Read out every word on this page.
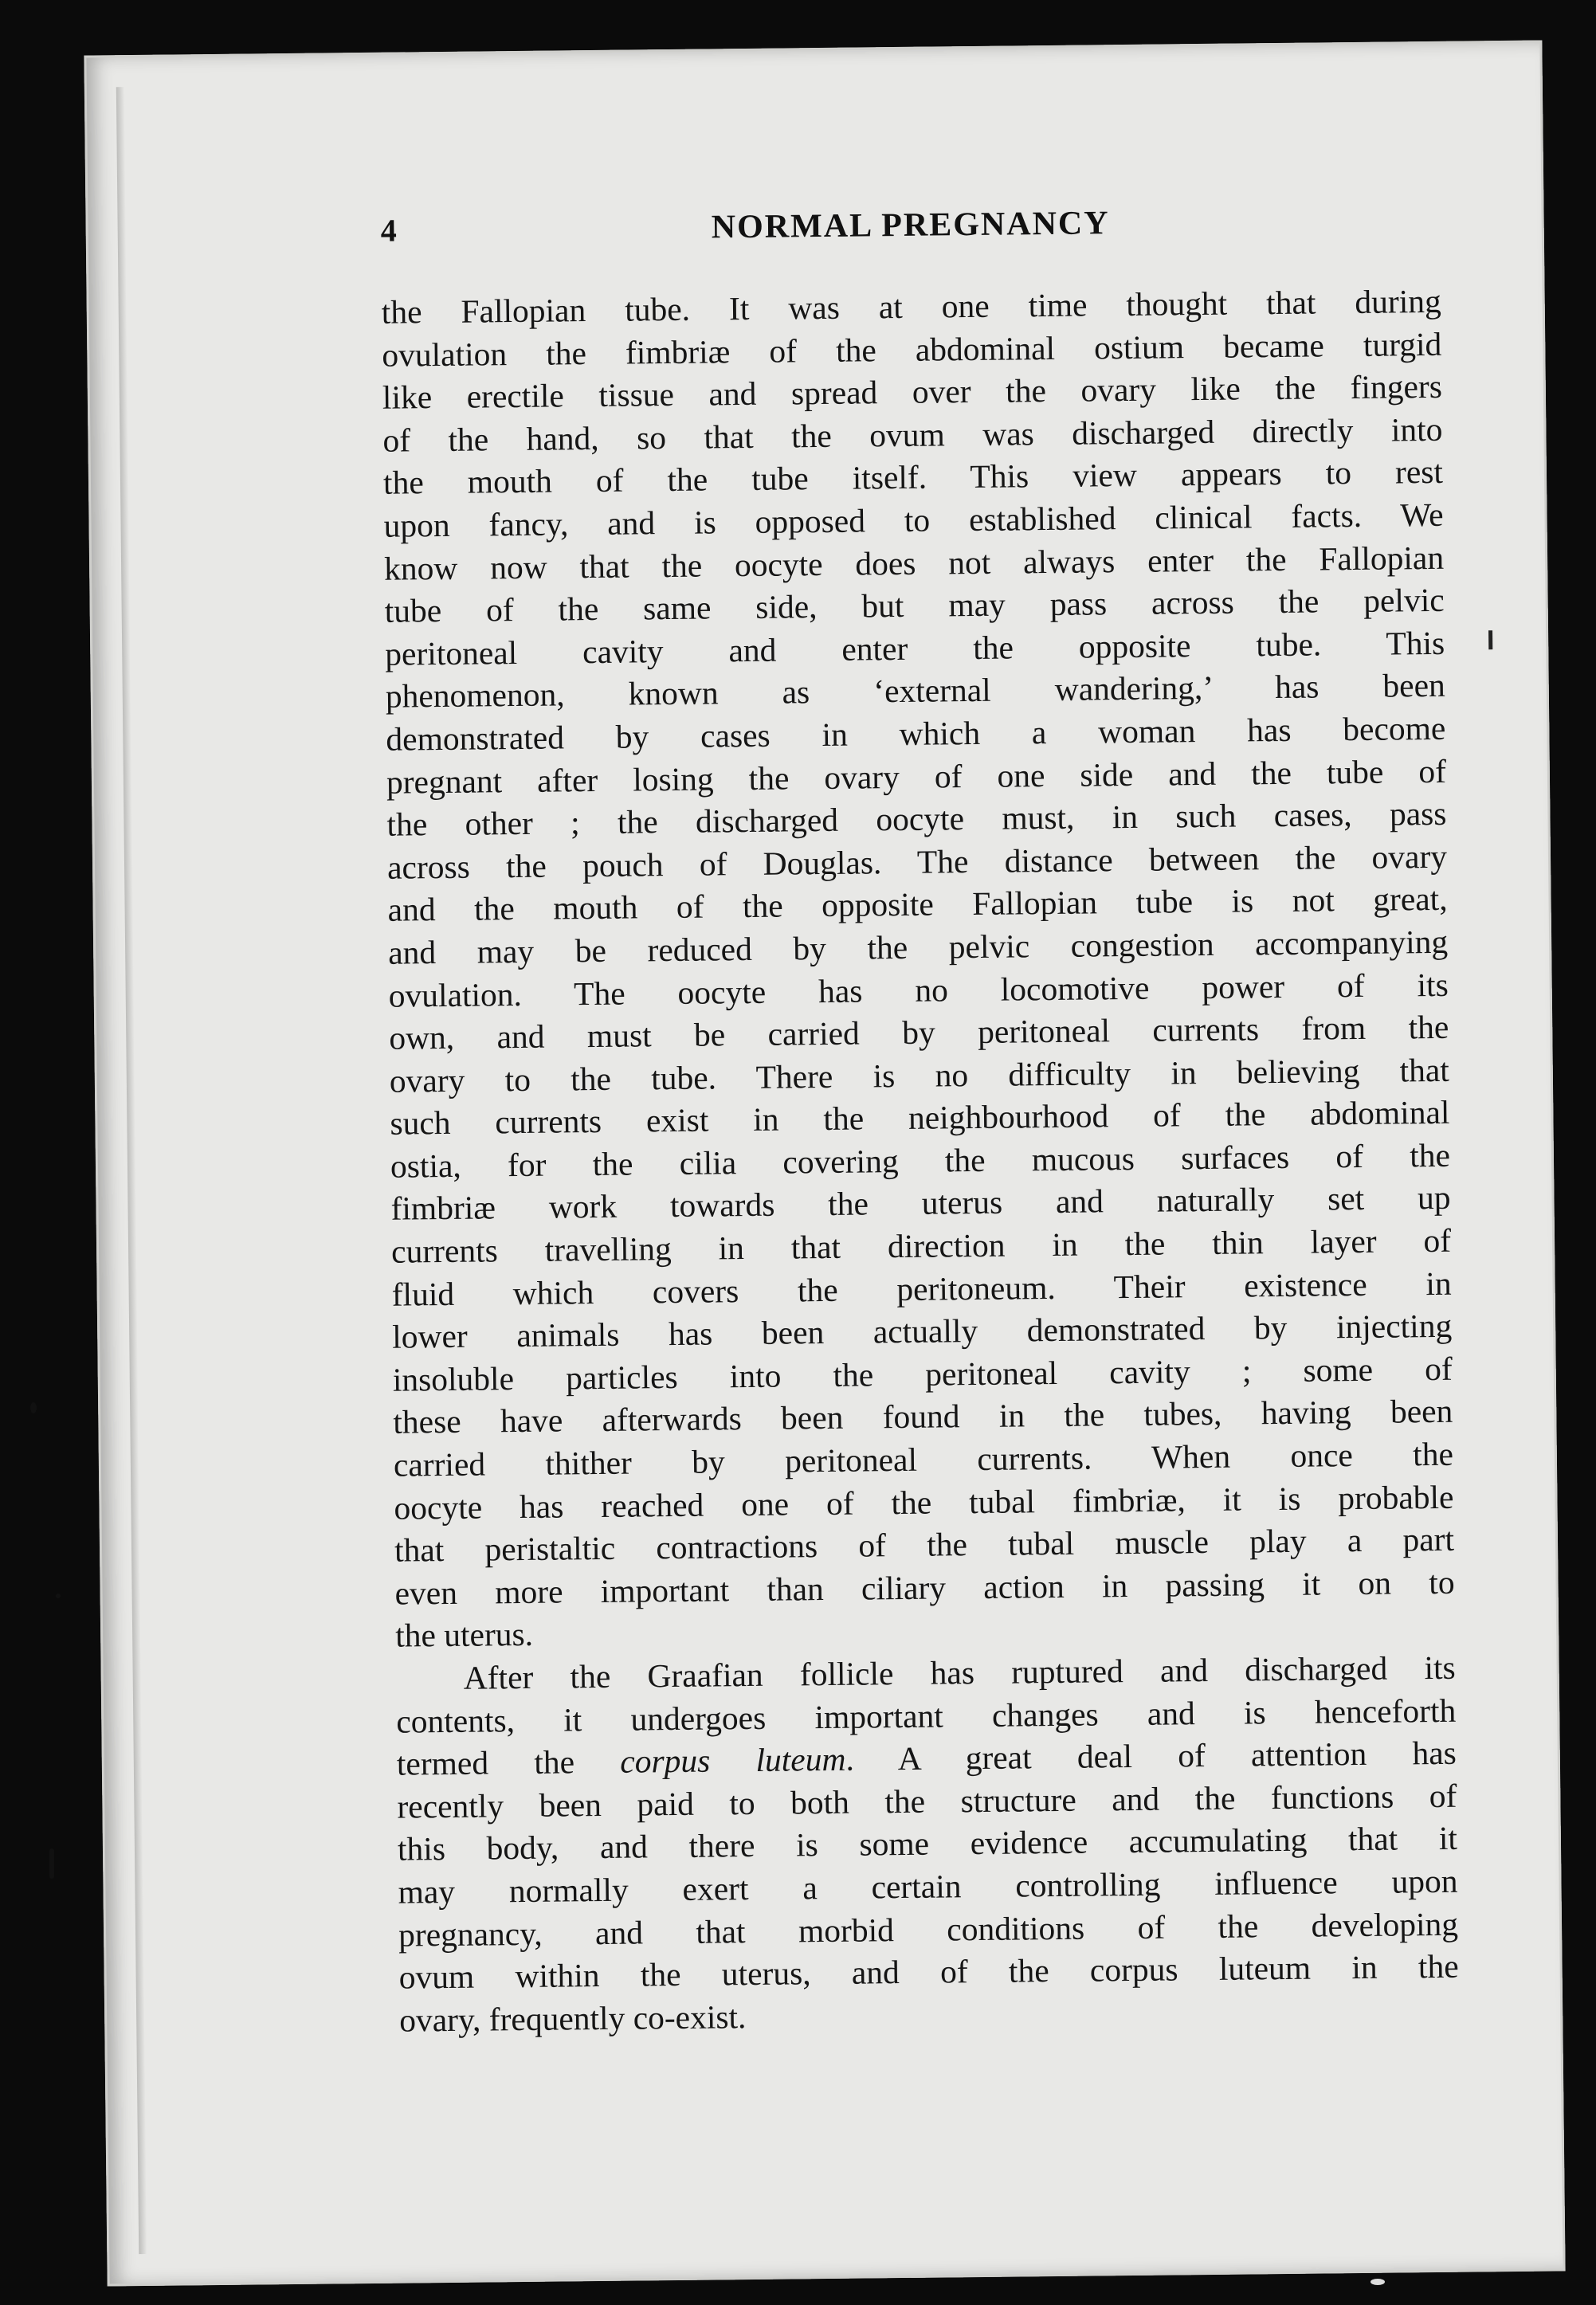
4	NORMAL PREGNANCY
the Fallopian tube. It was at one time thought that during
ovulation the fimbriæ of the abdominal ostium became turgid
like erectile tissue and spread over the ovary like the fingers
of the hand, so that the ovum was discharged directly into
the mouth of the tube itself. This view appears to rest
upon fancy, and is opposed to established clinical facts. We
know now that the oocyte does not always enter the Fallopian
tube of the same side, but may pass across the pelvic
peritoneal cavity and enter the opposite tube. This
phenomenon, known as ‘external wandering,’ has been
demonstrated by cases in which a woman has become
pregnant after losing the ovary of one side and the tube of
the other ; the discharged oocyte must, in such cases, pass
across the pouch of Douglas. The distance between the ovary
and the mouth of the opposite Fallopian tube is not great,
and may be reduced by the pelvic congestion accompanying
ovulation. The oocyte has no locomotive power of its
own, and must be carried by peritoneal currents from the
ovary to the tube. There is no difficulty in believing that
such currents exist in the neighbourhood of the abdominal
ostia, for the cilia covering the mucous surfaces of the
fimbriæ work towards the uterus and naturally set up
currents travelling in that direction in the thin layer of
fluid which covers the peritoneum. Their existence in
lower animals has been actually demonstrated by injecting
insoluble particles into the peritoneal cavity ; some of
these have afterwards been found in the tubes, having been
carried thither by peritoneal currents. When once the
oocyte has reached one of the tubal fimbriæ, it is probable
that peristaltic contractions of the tubal muscle play a part
even more important than ciliary action in passing it on to
the uterus.
After the Graafian follicle has ruptured and discharged its
contents, it undergoes important changes and is henceforth
termed the corpus luteum. A great deal of attention has
recently been paid to both the structure and the functions of
this body, and there is some evidence accumulating that it
may normally exert a certain controlling influence upon
pregnancy, and that morbid conditions of the developing
ovum within the uterus, and of the corpus luteum in the
ovary, frequently co-exist.
